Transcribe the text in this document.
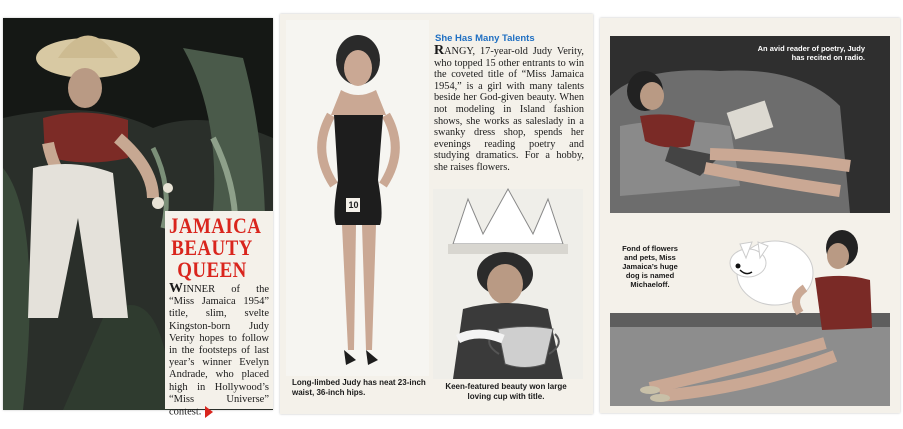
JAMAICA
BEAUTY
QUEEN
WINNER of the “Miss Jamaica 1954” title, slim, svelte Kingston-born Judy Verity hopes to follow in the footsteps of last year’s winner Evelyn Andrade, who placed high in Hollywood’s “Miss Universe” contest.
10
She Has Many Talents
RANGY, 17-year-old Judy Verity, who topped 15 other entrants to win the coveted title of “Miss Jamaica 1954,” is a girl with many talents beside her God-given beauty. When not modeling in Island fashion shows, she works as saleslady in a swanky dress shop, spends her evenings reading poetry and studying dramatics. For a hobby, she raises flowers.
Long-limbed Judy has neat 23-inch waist, 36-inch hips.
Keen-featured beauty won large loving cup with title.
An avid reader of poetry, Judy has recited on radio.
Fond of flowers and pets, Miss Jamaica’s huge dog is named Michaeloff.
